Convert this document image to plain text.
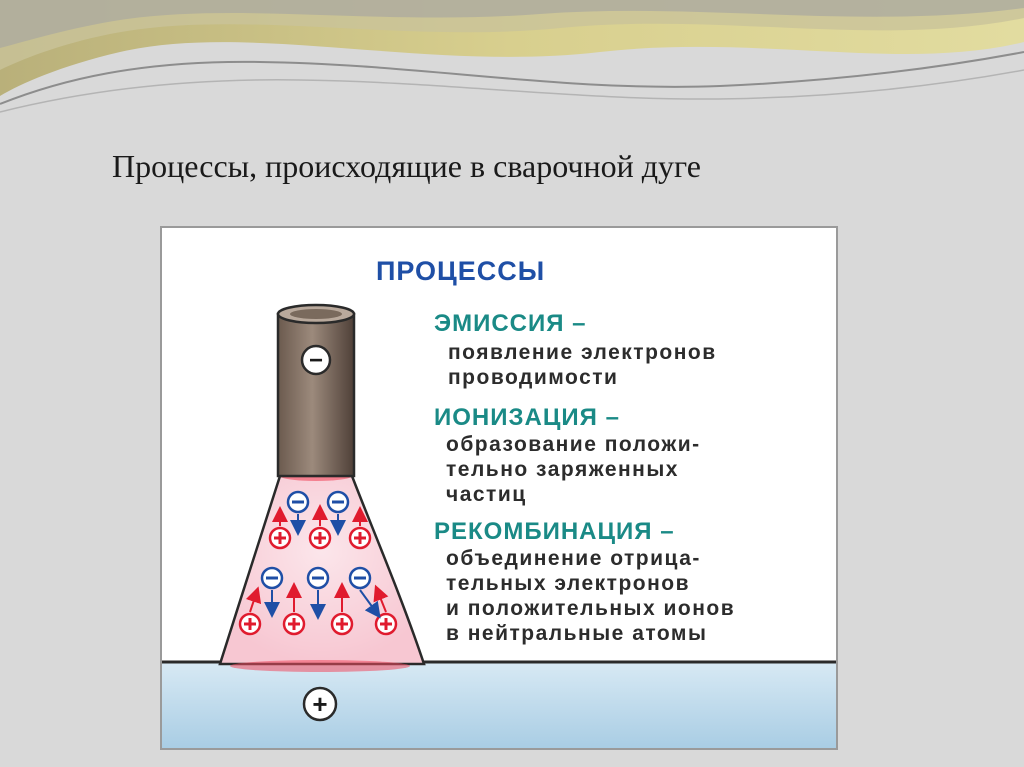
Процессы, происходящие в сварочной дуге
−
+
ПРОЦЕССЫ
ЭМИССИЯ –
появление электронов
проводимости
ИОНИЗАЦИЯ –
образование положи-
тельно заряженных
частиц
РЕКОМБИНАЦИЯ –
объединение отрица-
тельных электронов
и положительных ионов
в нейтральные атомы
